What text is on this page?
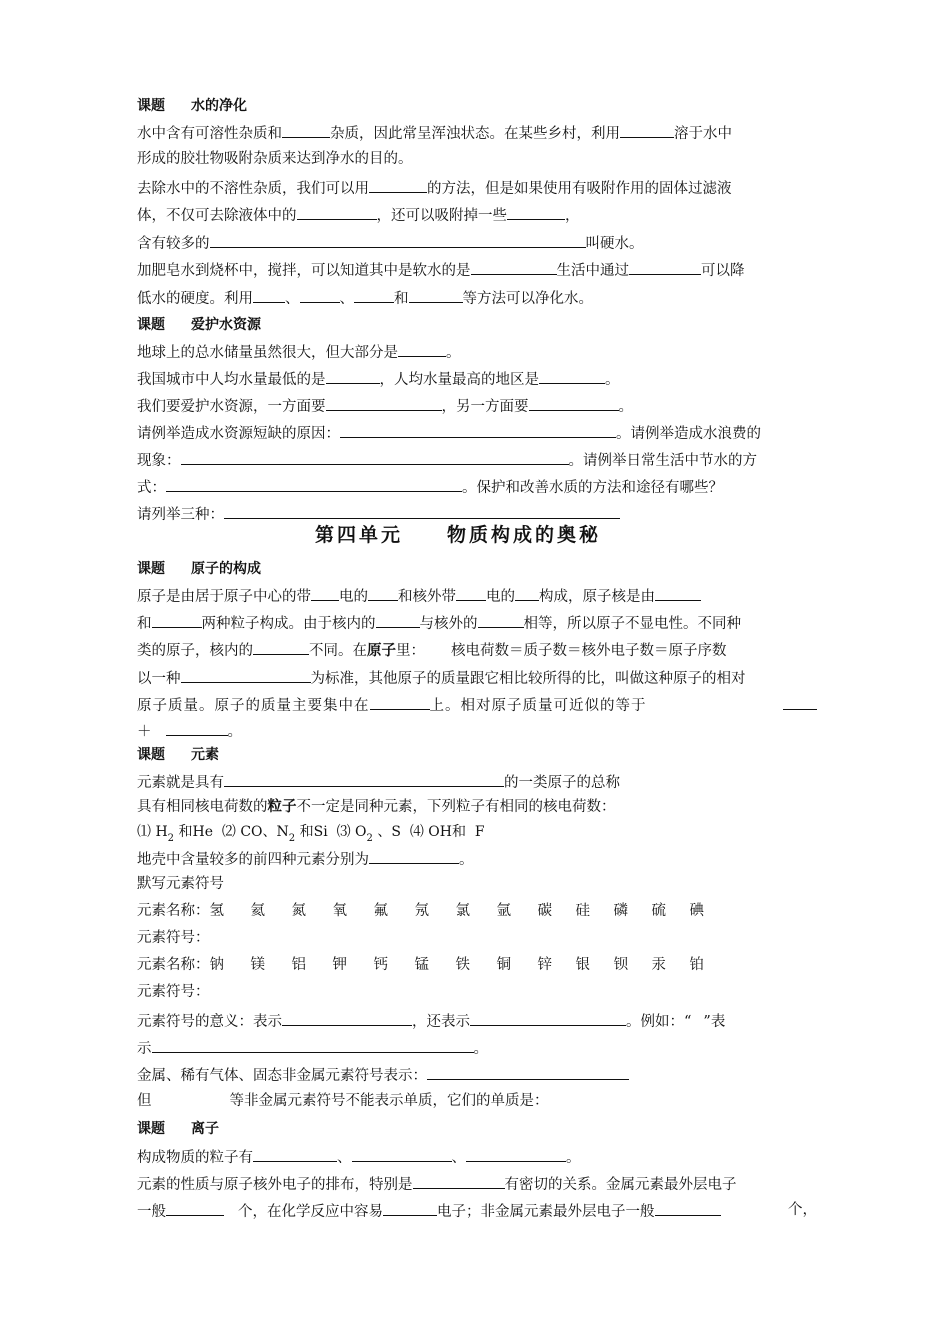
课题 水的净化
水中含有可溶性杂质和	杂质，因此常呈浑浊状态。在某些乡村，利用	溶于水中
形成的胶壮物吸附杂质来达到净水的目的。
去除水中的不溶性杂质，我们可以用	的方法，但是如果使用有吸附作用的固体过滤液
体，不仅可去除液体中的	，还可以吸附掉一些	，
含有较多的	叫硬水。
加肥皂水到烧杯中，搅拌，可以知道其中是软水的是	生活中通过	可以降
低水的硬度。利用 、	、	和	等方法可以净化水。
课题 爱护水资源
地球上的总水储量虽然很大，但大部分是	。
我国城市中人均水量最低的是	，人均水量最高的地区是	。
我们要爱护水资源，一方面要	，另一方面要	。
请例举造成水资源短缺的原因：	。请例举造成水浪费的
现象：	。请例举日常生活中节水的方
式：	。保护和改善水质的方法和途径有哪些？
请列举三种：
第四单元 物质构成的奥秘
课题 原子的构成
原子是由居于原子中心的带 电的 和核外带 电的 构成，原子核是由
和	两种粒子构成。由于核内的	与核外的	相等，所以原子不显电性。不同种
类的原子，核内的	不同。在原子里： 核电荷数＝质子数＝核外电子数＝原子序数
以一种	为标准，其他原子的质量跟它相比较所得的比，叫做这种原子的相对
原子质量。原子的质量主要集中在	上。相对原子质量可近似的等于
＋	。
课题 元素
元素就是具有	的一类原子的总称
具有相同核电荷数的粒子不一定是同种元素，下列粒子有相同的核电荷数：
⑴ $H_2$ 和He  ⑵ CO、$N_2$ 和Si  ⑶ $O_2$ 、S  ⑷ OH和  F
地壳中含量较多的前四种元素分别为	。
默写元素符号
元素名称：氢 氦 氮 氧 氟 氖 氯 氩 碳 硅 磷 硫 碘
元素符号：
元素名称：钠 镁 铝 钾 钙 锰 铁 铜 锌 银 钡 汞 铂
元素符号：
元素符号的意义：表示	，还表示	。例如：“ ”表
示	。
金属、稀有气体、固态非金属元素符号表示：
但	等非金属元素符号不能表示单质，它们的单质是：
课题 离子
构成物质的粒子有	、	、	。
元素的性质与原子核外电子的排布，特别是	有密切的关系。金属元素最外层电子
一般	个，在化学反应中容易	电子；非金属元素最外层电子一般	个，
